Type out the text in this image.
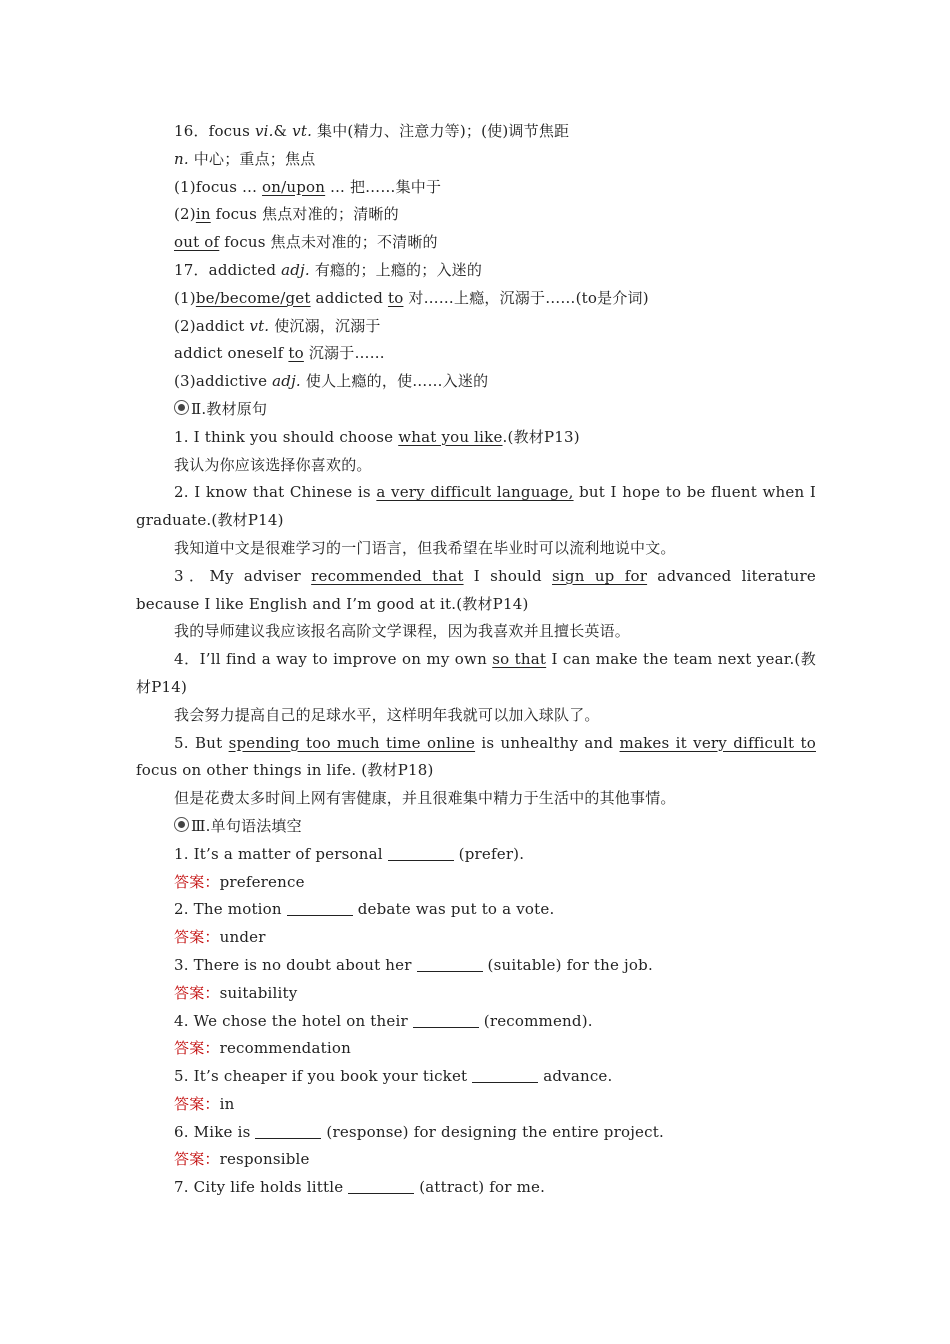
16．focus vi.& vt. 集中(精力、注意力等)；(使)调节焦距
n. 中心；重点；焦点
(1)focus ... on/upon ... 把……集中于
(2)in focus 焦点对准的；清晰的
out of focus 焦点未对准的；不清晰的
17．addicted adj. 有瘾的；上瘾的；入迷的
(1)be/become/get addicted to 对……上瘾，沉溺于……(to是介词)
(2)addict vt. 使沉溺，沉溺于
addict oneself to 沉溺于……
(3)addictive adj. 使人上瘾的，使……入迷的
Ⅱ.教材原句
1. I think you should choose what you like.(教材P13)
我认为你应该选择你喜欢的。
2. I know that Chinese is a very difficult language, but I hope to be fluent when I graduate.(教材P14)
我知道中文是很难学习的一门语言，但我希望在毕业时可以流利地说中文。
3．My adviser recommended that I should sign up for advanced literature because I like English and I’m good at it.(教材P14)
我的导师建议我应该报名高阶文学课程，因为我喜欢并且擅长英语。
4．I’ll find a way to improve on my own so that I can make the team next year.(教材P14)
我会努力提高自己的足球水平，这样明年我就可以加入球队了。
5. But spending too much time online is unhealthy and makes it very difficult to focus on other things in life. (教材P18)
但是花费太多时间上网有害健康，并且很难集中精力于生活中的其他事情。
Ⅲ.单句语法填空
1. It’s a matter of personal	(prefer).
答案：preference
2. The motion	debate was put to a vote.
答案：under
3. There is no doubt about her	(suitable) for the job.
答案：suitability
4. We chose the hotel on their	(recommend).
答案：recommendation
5. It’s cheaper if you book your ticket	advance.
答案：in
6. Mike is	(response) for designing the entire project.
答案：responsible
7. City life holds little	(attract) for me.
